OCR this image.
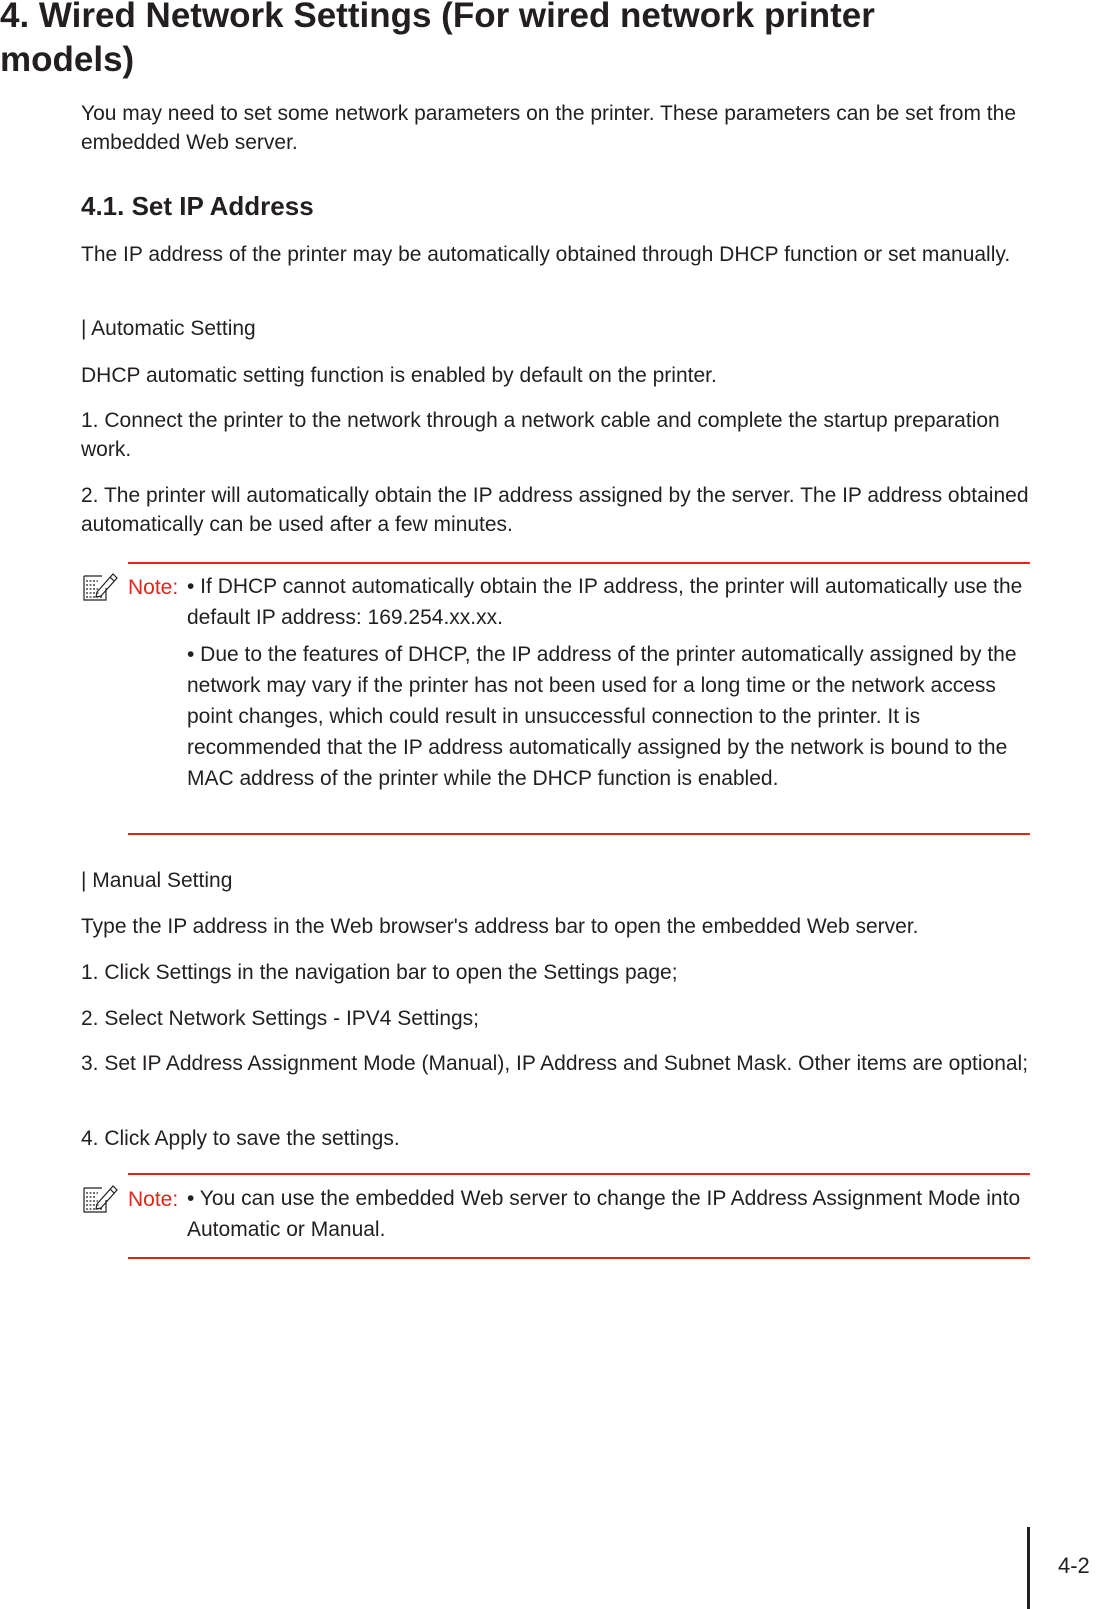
4. Wired Network Settings (For wired network printer models)

You may need to set some network parameters on the printer. These parameters can be set from the embedded Web server.

4.1. Set IP Address

The IP address of the printer may be automatically obtained through DHCP function or set manually.

| Automatic Setting

DHCP automatic setting function is enabled by default on the printer.

1. Connect the printer to the network through a network cable and complete the startup preparation work.

2. The printer will automatically obtain the IP address assigned by the server. The IP address obtained automatically can be used after a few minutes.

Note: • If DHCP cannot automatically obtain the IP address, the printer will automatically use the default IP address: 169.254.xx.xx.
• Due to the features of DHCP, the IP address of the printer automatically assigned by the network may vary if the printer has not been used for a long time or the network access point changes, which could result in unsuccessful connection to the printer. It is recommended that the IP address automatically assigned by the network is bound to the MAC address of the printer while the DHCP function is enabled.

| Manual Setting

Type the IP address in the Web browser's address bar to open the embedded Web server.

1. Click Settings in the navigation bar to open the Settings page;

2. Select Network Settings - IPV4 Settings;

3. Set IP Address Assignment Mode (Manual), IP Address and Subnet Mask. Other items are optional;

4. Click Apply to save the settings.

Note: • You can use the embedded Web server to change the IP Address Assignment Mode into Automatic or Manual.
4-2
